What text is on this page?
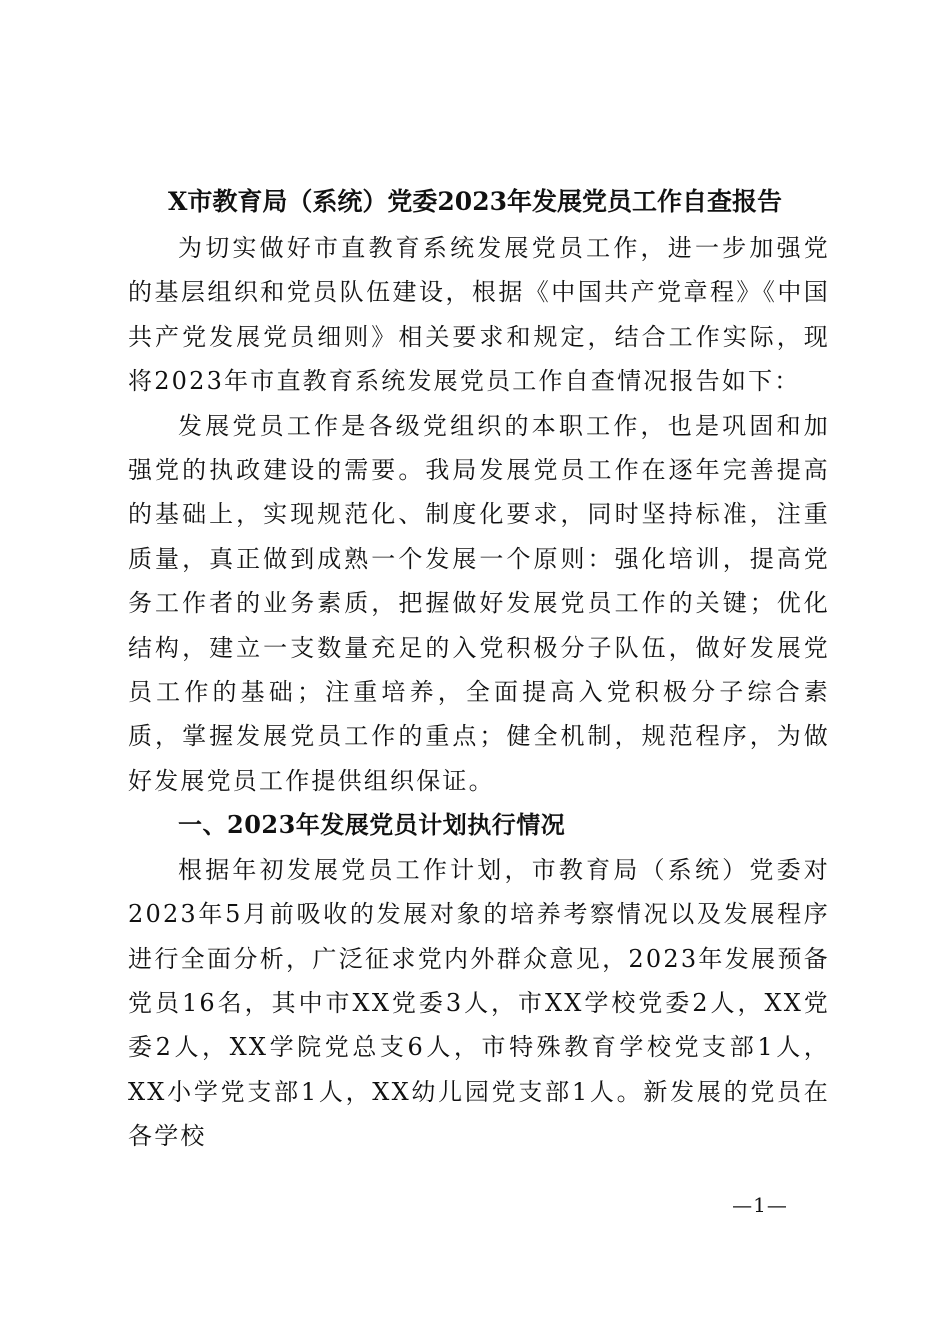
X市教育局（系统）党委2023年发展党员工作自查报告

为切实做好市直教育系统发展党员工作，进一步加强党的基层组织和党员队伍建设，根据《中国共产党章程》《中国共产党发展党员细则》相关要求和规定，结合工作实际，现将2023年市直教育系统发展党员工作自查情况报告如下：

发展党员工作是各级党组织的本职工作，也是巩固和加强党的执政建设的需要。我局发展党员工作在逐年完善提高的基础上，实现规范化、制度化要求，同时坚持标准，注重质量，真正做到成熟一个发展一个原则：强化培训，提高党务工作者的业务素质，把握做好发展党员工作的关键；优化结构，建立一支数量充足的入党积极分子队伍，做好发展党员工作的基础；注重培养，全面提高入党积极分子综合素质，掌握发展党员工作的重点；健全机制，规范程序，为做好发展党员工作提供组织保证。

一、2023年发展党员计划执行情况

根据年初发展党员工作计划，市教育局（系统）党委对2023年5月前吸收的发展对象的培养考察情况以及发展程序进行全面分析，广泛征求党内外群众意见，2023年发展预备党员16名，其中市XX党委3人，市XX学校党委2人，XX党委2人，XX学院党总支6人，市特殊教育学校党支部1人，XX小学党支部1人，XX幼儿园党支部1人。新发展的党员在各学校

—1—
